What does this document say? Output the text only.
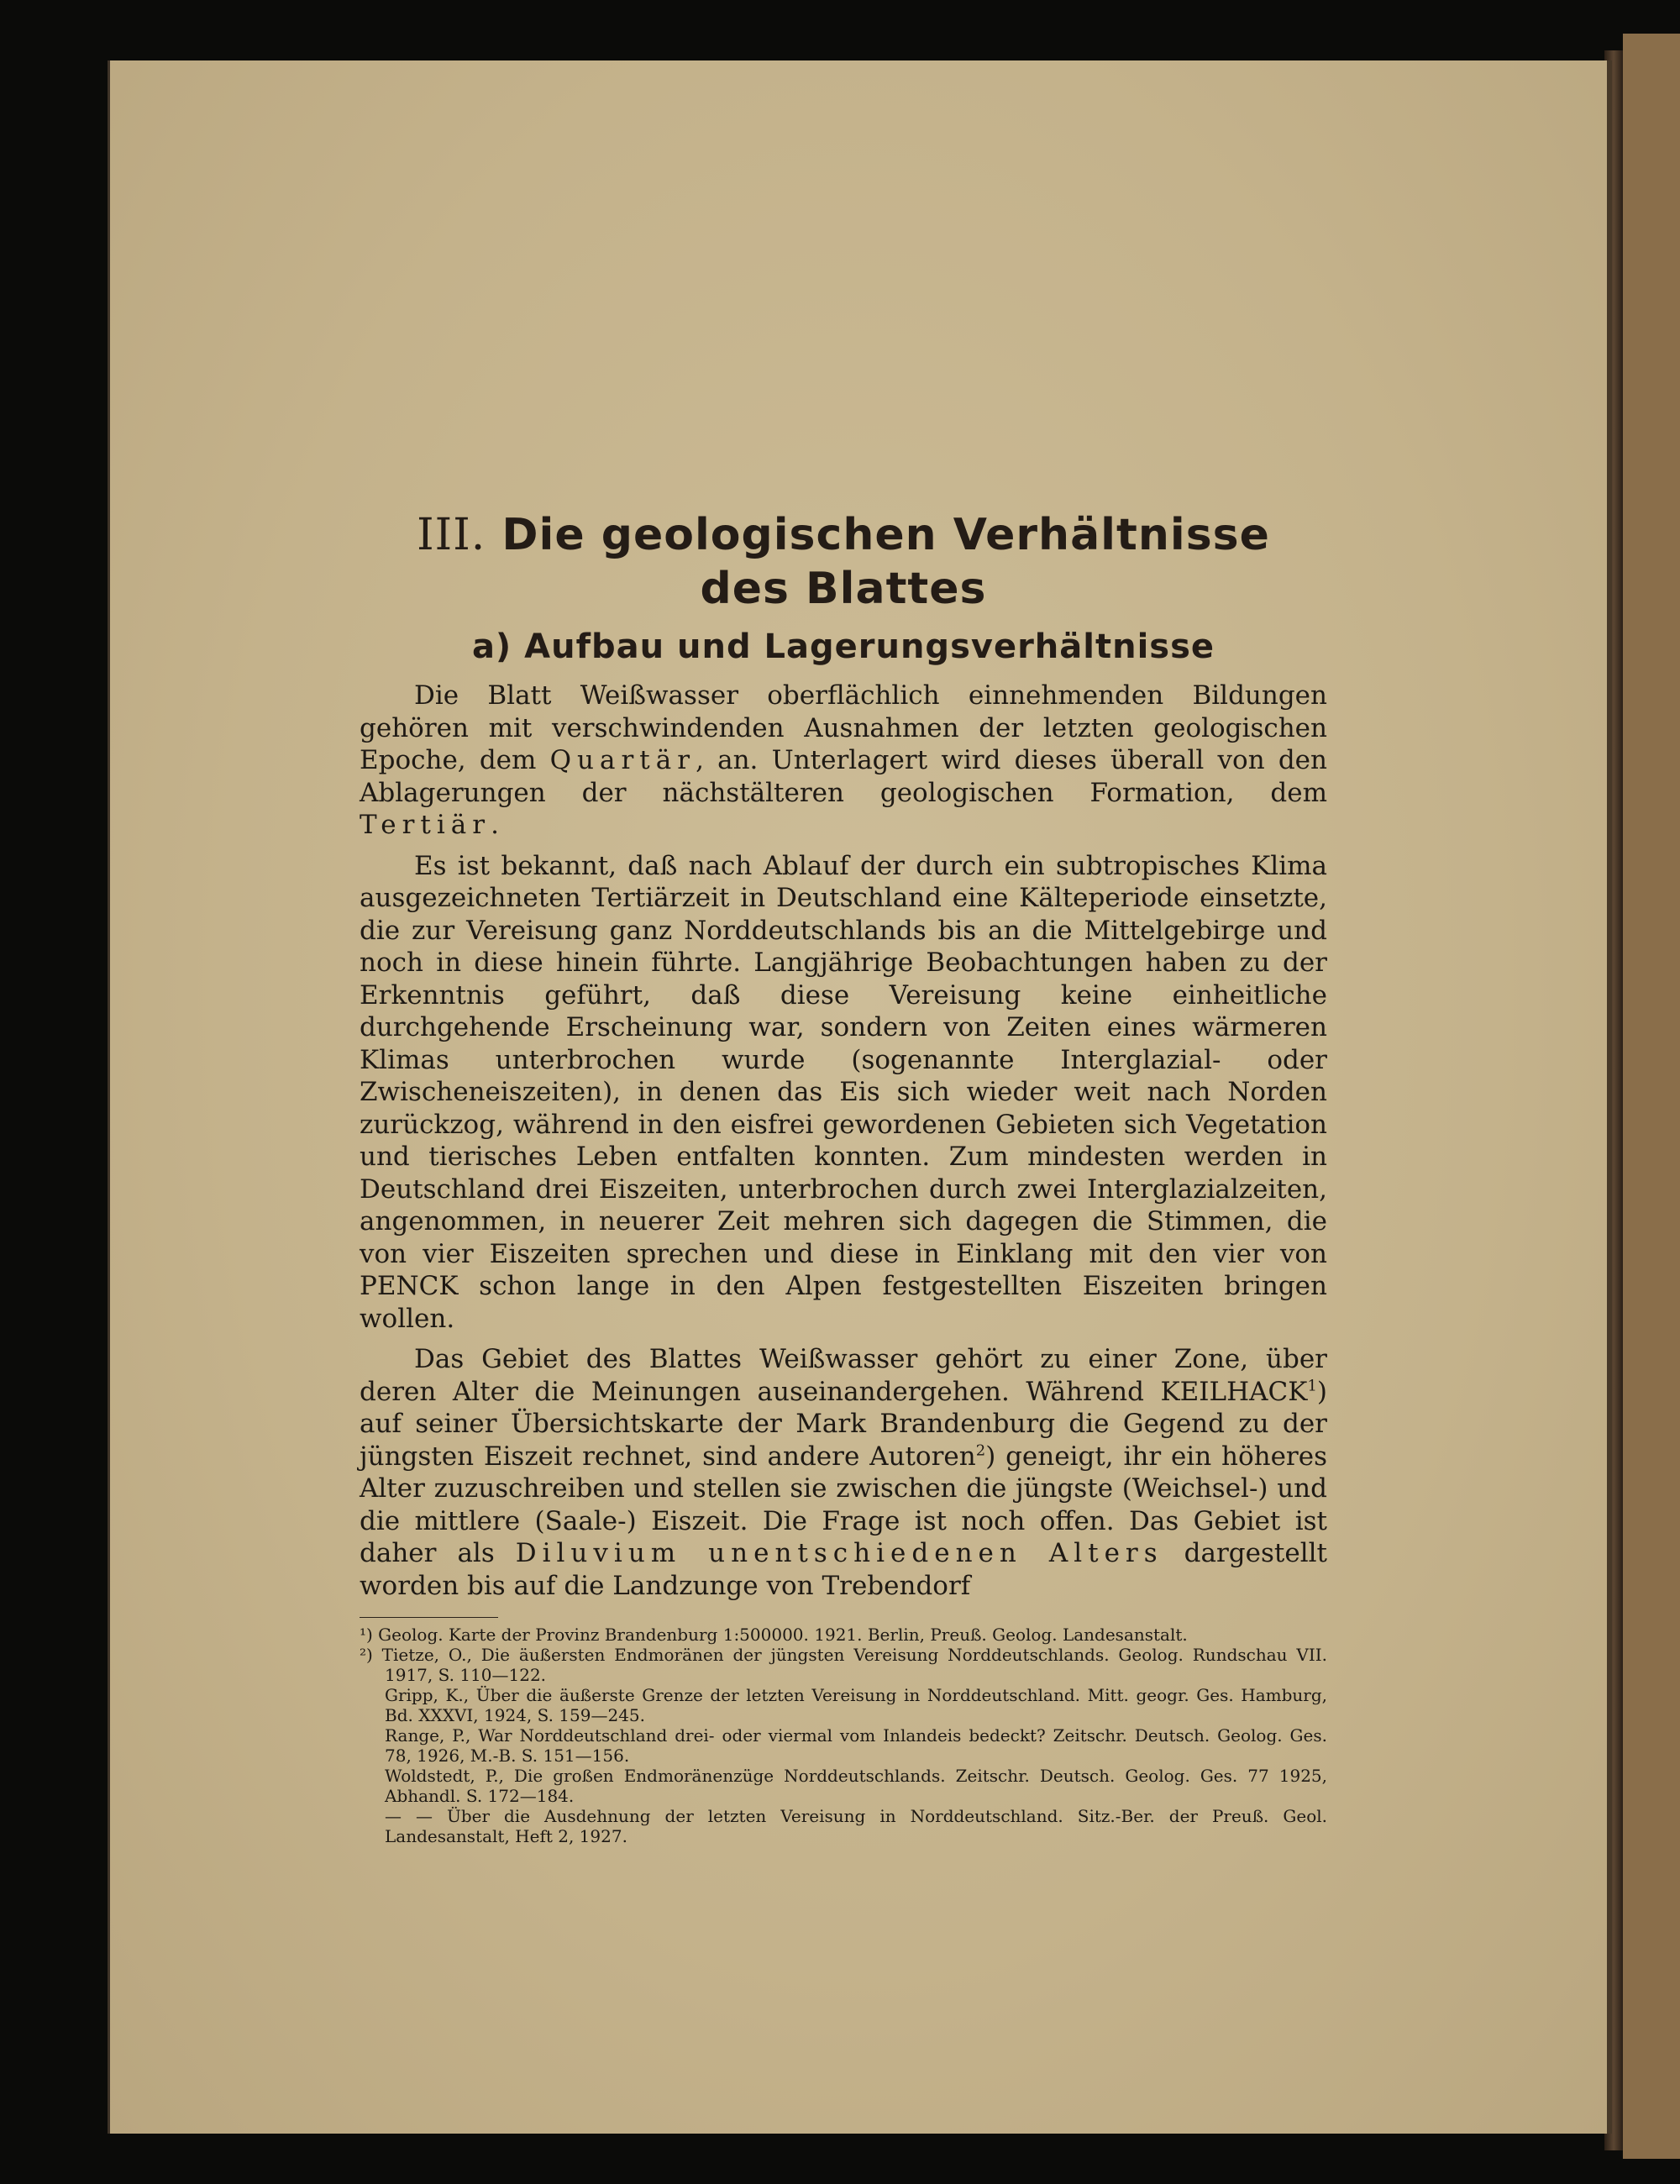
III. Die geologischen Verhältnisse
des Blattes
a) Aufbau und Lagerungsverhältnisse

Die Blatt Weißwasser oberflächlich einnehmenden Bildungen gehören mit verschwindenden Ausnahmen der letzten geologischen Epoche, dem Quartär, an. Unterlagert wird dieses überall von den Ablagerungen der nächstälteren geologischen Formation, dem Tertiär.

Es ist bekannt, daß nach Ablauf der durch ein subtropisches Klima ausgezeichneten Tertiärzeit in Deutschland eine Kälteperiode einsetzte, die zur Vereisung ganz Norddeutschlands bis an die Mittelgebirge und noch in diese hinein führte. Langjährige Beobachtungen haben zu der Erkenntnis geführt, daß diese Vereisung keine einheitliche durchgehende Erscheinung war, sondern von Zeiten eines wärmeren Klimas unterbrochen wurde (sogenannte Interglazial- oder Zwischeneiszeiten), in denen das Eis sich wieder weit nach Norden zurückzog, während in den eisfrei gewordenen Gebieten sich Vegetation und tierisches Leben entfalten konnten. Zum mindesten werden in Deutschland drei Eiszeiten, unterbrochen durch zwei Interglazialzeiten, angenommen, in neuerer Zeit mehren sich dagegen die Stimmen, die von vier Eiszeiten sprechen und diese in Einklang mit den vier von PENCK schon lange in den Alpen festgestellten Eiszeiten bringen wollen.

Das Gebiet des Blattes Weißwasser gehört zu einer Zone, über deren Alter die Meinungen auseinandergehen. Während KEILHACK$^1$) auf seiner Übersichtskarte der Mark Brandenburg die Gegend zu der jüngsten Eiszeit rechnet, sind andere Autoren$^2$) geneigt, ihr ein höheres Alter zuzuschreiben und stellen sie zwischen die jüngste (Weichsel-) und die mittlere (Saale-) Eiszeit. Die Frage ist noch offen. Das Gebiet ist daher als Diluvium unentschiedenen Alters dargestellt worden bis auf die Landzunge von Trebendorf

¹) Geolog. Karte der Provinz Brandenburg 1:500000. 1921. Berlin, Preuß. Geolog. Landesanstalt.

²) Tietze, O., Die äußersten Endmoränen der jüngsten Vereisung Norddeutschlands. Geolog. Rundschau VII. 1917, S. 110—122.

Gripp, K., Über die äußerste Grenze der letzten Vereisung in Norddeutschland. Mitt. geogr. Ges. Hamburg, Bd. XXXVI, 1924, S. 159—245.

Range, P., War Norddeutschland drei- oder viermal vom Inlandeis bedeckt? Zeitschr. Deutsch. Geolog. Ges. 78, 1926, M.-B. S. 151—156.

Woldstedt, P., Die großen Endmoränenzüge Norddeutschlands. Zeitschr. Deutsch. Geolog. Ges. 77 1925, Abhandl. S. 172—184.

— — Über die Ausdehnung der letzten Vereisung in Norddeutschland. Sitz.-Ber. der Preuß. Geol. Landesanstalt, Heft 2, 1927.
